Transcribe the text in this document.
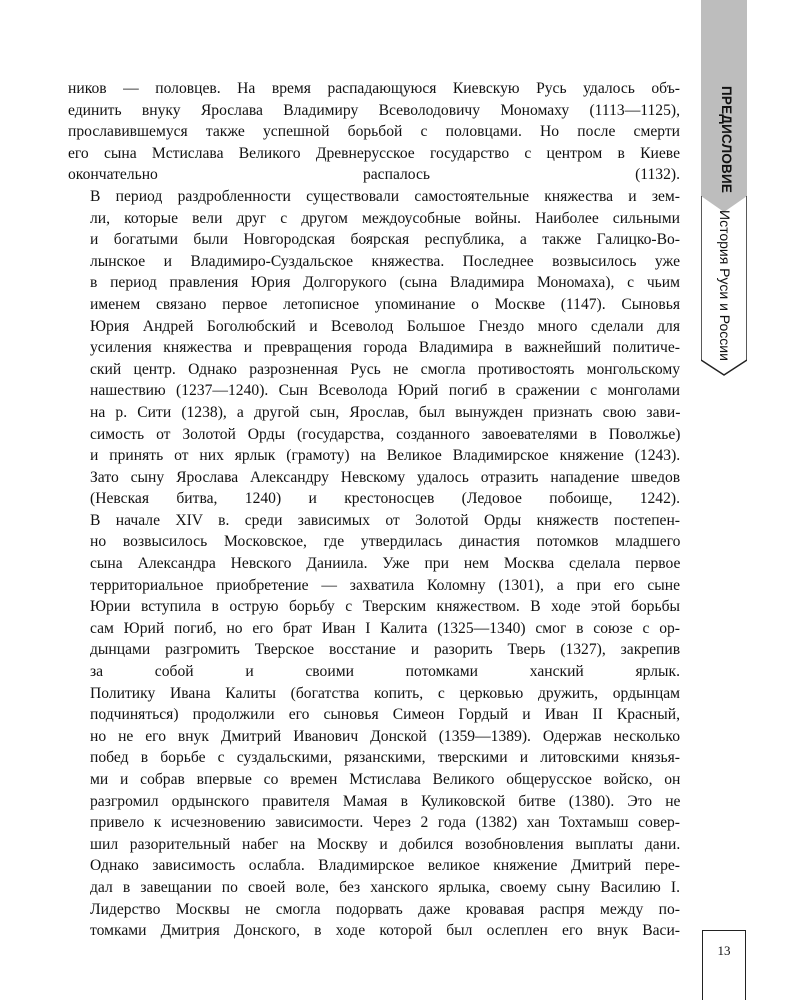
ников — половцев. На время распадающуюся Киевскую Русь удалось объ-
единить внуку Ярослава Владимиру Всеволодовичу Мономаху (1113—1125),
прославившемуся также успешной борьбой с половцами. Но после смерти
его сына Мстислава Великого Древнерусское государство с центром в Киеве
окончательно распалось (1132).

В период раздробленности существовали самостоятельные княжества и зем-
ли, которые вели друг с другом междоусобные войны. Наиболее сильными
и богатыми были Новгородская боярская республика, а также Галицко-Во-
лынское и Владимиро-Суздальское княжества. Последнее возвысилось уже
в период правления Юрия Долгорукого (сына Владимира Мономаха), с чьим
именем связано первое летописное упоминание о Москве (1147). Сыновья
Юрия Андрей Боголюбский и Всеволод Большое Гнездо много сделали для
усиления княжества и превращения города Владимира в важнейший политиче-
ский центр. Однако разрозненная Русь не смогла противостоять монгольскому
нашествию (1237—1240). Сын Всеволода Юрий погиб в сражении с монголами
на р. Сити (1238), а другой сын, Ярослав, был вынужден признать свою зави-
симость от Золотой Орды (государства, созданного завоевателями в Поволжье)
и принять от них ярлык (грамоту) на Великое Владимирское княжение (1243).
Зато сыну Ярослава Александру Невскому удалось отразить нападение шведов
(Невская битва, 1240) и крестоносцев (Ледовое побоище, 1242).

В начале XIV в. среди зависимых от Золотой Орды княжеств постепен-
но возвысилось Московское, где утвердилась династия потомков младшего
сына Александра Невского Даниила. Уже при нем Москва сделала первое
территориальное приобретение — захватила Коломну (1301), а при его сыне
Юрии вступила в острую борьбу с Тверским княжеством. В ходе этой борьбы
сам Юрий погиб, но его брат Иван I Калита (1325—1340) смог в союзе с ор-
дынцами разгромить Тверское восстание и разорить Тверь (1327), закрепив
за собой и своими потомками ханский ярлык.

Политику Ивана Калиты (богатства копить, с церковью дружить, ордынцам
подчиняться) продолжили его сыновья Симеон Гордый и Иван II Красный,
но не его внук Дмитрий Иванович Донской (1359—1389). Одержав несколько
побед в борьбе с суздальскими, рязанскими, тверскими и литовскими князья-
ми и собрав впервые со времен Мстислава Великого общерусское войско, он
разгромил ордынского правителя Мамая в Куликовской битве (1380). Это не
привело к исчезновению зависимости. Через 2 года (1382) хан Тохтамыш совер-
шил разорительный набег на Москву и добился возобновления выплаты дани.
Однако зависимость ослабла. Владимирское великое княжение Дмитрий пере-
дал в завещании по своей воле, без ханского ярлыка, своему сыну Василию I.

Лидерство Москвы не смогла подорвать даже кровавая распря между по-
томками Дмитрия Донского, в ходе которой был ослеплен его внук Васи-

ПРЕДИСЛОВИЕ
История Руси и России
13
